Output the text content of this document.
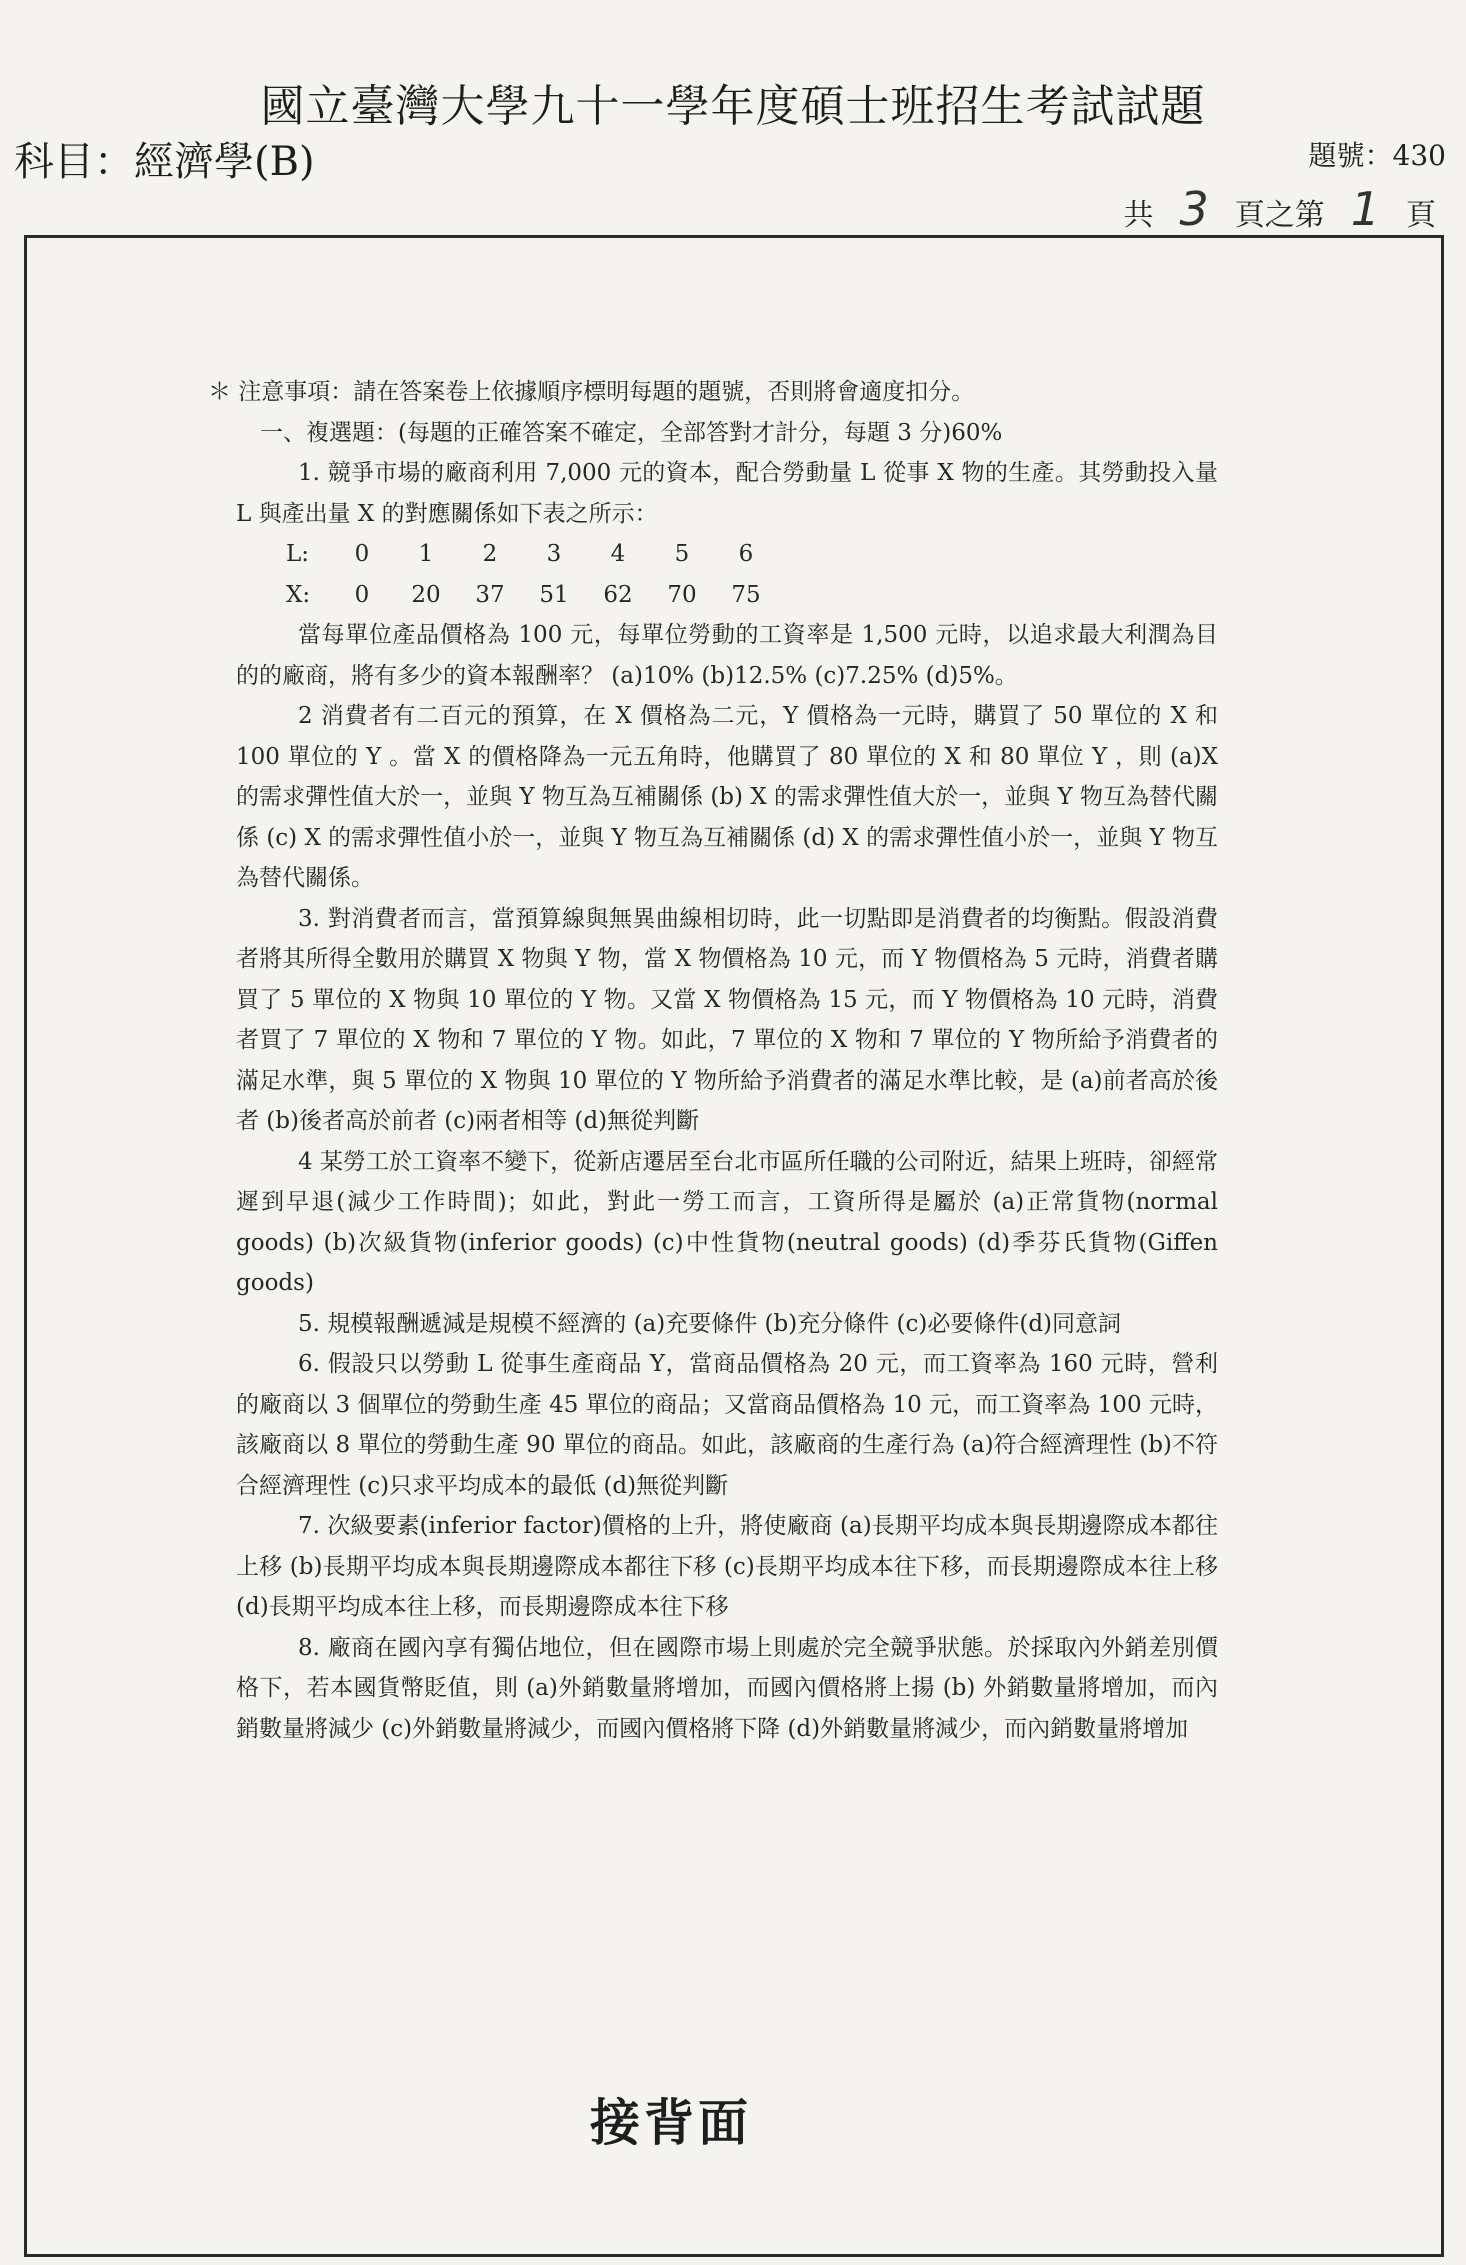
國立臺灣大學九十一學年度碩士班招生考試試題
科目：經濟學(B)	題號：430
共 3 頁之第 1 頁

＊ 注意事項：請在答案卷上依據順序標明每題的題號，否則將會適度扣分。

一、複選題：(每題的正確答案不確定，全部答對才計分，每題 3 分)60%

1. 競爭市場的廠商利用 7,000 元的資本，配合勞動量 L 從事 X 物的生產。其勞動投入量 L 與產出量 X 的對應關係如下表之所示：

L:	0	1	2	3	4	5	6
X:	0	20	37	51	62	70	75

當每單位產品價格為 100 元，每單位勞動的工資率是 1,500 元時，以追求最大利潤為目的的廠商，將有多少的資本報酬率？ (a)10% (b)12.5% (c)7.25% (d)5%。

2 消費者有二百元的預算，在 X 價格為二元，Y 價格為一元時，購買了 50 單位的 X 和 100 單位的 Y 。當 X 的價格降為一元五角時，他購買了 80 單位的 X 和 80 單位 Y ，則 (a)X 的需求彈性值大於一，並與 Y 物互為互補關係 (b) X 的需求彈性值大於一，並與 Y 物互為替代關係 (c) X 的需求彈性值小於一，並與 Y 物互為互補關係 (d) X 的需求彈性值小於一，並與 Y 物互為替代關係。

3. 對消費者而言，當預算線與無異曲線相切時，此一切點即是消費者的均衡點。假設消費者將其所得全數用於購買 X 物與 Y 物，當 X 物價格為 10 元，而 Y 物價格為 5 元時，消費者購買了 5 單位的 X 物與 10 單位的 Y 物。又當 X 物價格為 15 元，而 Y 物價格為 10 元時，消費者買了 7 單位的 X 物和 7 單位的 Y 物。如此，7 單位的 X 物和 7 單位的 Y 物所給予消費者的滿足水準，與 5 單位的 X 物與 10 單位的 Y 物所給予消費者的滿足水準比較，是 (a)前者高於後者 (b)後者高於前者 (c)兩者相等 (d)無從判斷

4 某勞工於工資率不變下，從新店遷居至台北市區所任職的公司附近，結果上班時，卻經常遲到早退(減少工作時間)；如此，對此一勞工而言，工資所得是屬於 (a)正常貨物(normal goods) (b)次級貨物(inferior goods) (c)中性貨物(neutral goods) (d)季芬氏貨物(Giffen goods)

5. 規模報酬遞減是規模不經濟的 (a)充要條件 (b)充分條件 (c)必要條件(d)同意詞

6. 假設只以勞動 L 從事生產商品 Y，當商品價格為 20 元，而工資率為 160 元時，營利的廠商以 3 個單位的勞動生產 45 單位的商品；又當商品價格為 10 元，而工資率為 100 元時，該廠商以 8 單位的勞動生產 90 單位的商品。如此，該廠商的生產行為 (a)符合經濟理性 (b)不符合經濟理性 (c)只求平均成本的最低 (d)無從判斷

7. 次級要素(inferior factor)價格的上升，將使廠商 (a)長期平均成本與長期邊際成本都往上移 (b)長期平均成本與長期邊際成本都往下移 (c)長期平均成本往下移，而長期邊際成本往上移 (d)長期平均成本往上移，而長期邊際成本往下移

8. 廠商在國內享有獨佔地位，但在國際市場上則處於完全競爭狀態。於採取內外銷差別價格下，若本國貨幣貶值，則 (a)外銷數量將增加，而國內價格將上揚 (b) 外銷數量將增加，而內銷數量將減少 (c)外銷數量將減少，而國內價格將下降 (d)外銷數量將減少，而內銷數量將增加

接背面
